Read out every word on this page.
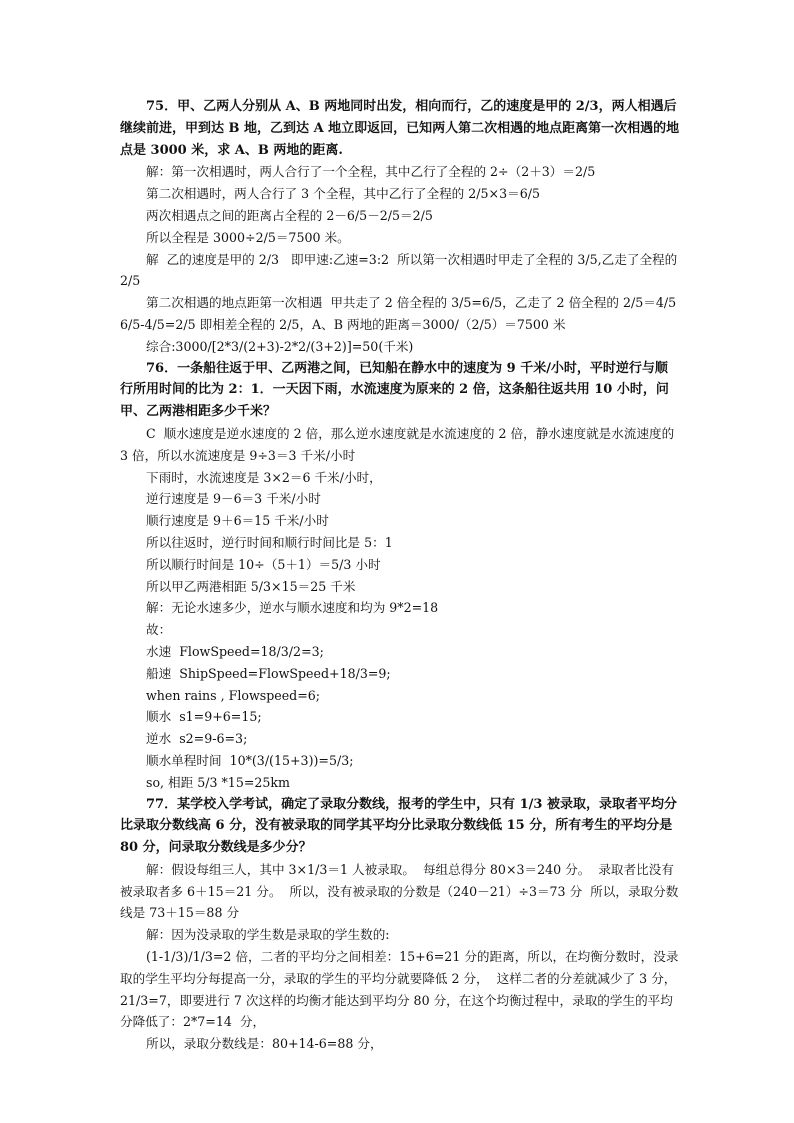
75．甲、乙两人分别从 A、B 两地同时出发，相向而行，乙的速度是甲的 2/3，两人相遇后继续前进，甲到达 B 地，乙到达 A 地立即返回，已知两人第二次相遇的地点距离第一次相遇的地点是 3000 米，求 A、B 两地的距离.

解：第一次相遇时，两人合行了一个全程，其中乙行了全程的 2÷（2＋3）＝2/5

第二次相遇时，两人合行了 3 个全程，其中乙行了全程的 2/5×3＝6/5

两次相遇点之间的距离占全程的 2－6/5－2/5＝2/5

所以全程是 3000÷2/5＝7500 米。

解  乙的速度是甲的 2/3   即甲速:乙速=3:2  所以第一次相遇时甲走了全程的 3/5,乙走了全程的 2/5

第二次相遇的地点距第一次相遇  甲共走了 2 倍全程的 3/5=6/5，乙走了 2 倍全程的 2/5＝4/5 6/5-4/5=2/5 即相差全程的 2/5，A、B 两地的距离＝3000/（2/5）＝7500 米

综合:3000/[2*3/(2+3)-2*2/(3+2)]=50(千米)

76．一条船往返于甲、乙两港之间，已知船在静水中的速度为 9 千米/小时，平时逆行与顺行所用时间的比为 2：1．一天因下雨，水流速度为原来的 2 倍，这条船往返共用 10 小时，问甲、乙两港相距多少千米？

C  顺水速度是逆水速度的 2 倍，那么逆水速度就是水流速度的 2 倍，静水速度就是水流速度的 3 倍，所以水流速度是 9÷3＝3 千米/小时

下雨时，水流速度是 3×2＝6 千米/小时，

逆行速度是 9－6＝3 千米/小时

顺行速度是 9＋6＝15 千米/小时

所以往返时，逆行时间和顺行时间比是 5：1

所以顺行时间是 10÷（5＋1）＝5/3 小时

所以甲乙两港相距 5/3×15＝25 千米

解：无论水速多少，逆水与顺水速度和均为 9*2=18

故：

水速  FlowSpeed=18/3/2=3;

船速  ShipSpeed=FlowSpeed+18/3=9;

when rains , Flowspeed=6;

顺水  s1=9+6=15;

逆水  s2=9-6=3;

顺水单程时间  10*(3/(15+3))=5/3;

so, 相距 5/3 *15=25km

77．某学校入学考试，确定了录取分数线，报考的学生中，只有 1/3 被录取，录取者平均分比录取分数线高 6 分，没有被录取的同学其平均分比录取分数线低 15 分，所有考生的平均分是 80 分，问录取分数线是多少分？

解：假设每组三人，其中 3×1/3＝1 人被录取。  每组总得分 80×3＝240 分。  录取者比没有被录取者多 6＋15＝21 分。  所以，没有被录取的分数是（240－21）÷3＝73 分  所以，录取分数线是 73＋15＝88 分

解：因为没录取的学生数是录取的学生数的:

(1-1/3)/1/3=2 倍，二者的平均分之间相差：15+6=21 分的距离，所以，在均衡分数时，没录取的学生平均分每提高一分，录取的学生的平均分就要降低 2 分，  这样二者的分差就减少了 3 分，21/3=7，即要进行 7 次这样的均衡才能达到平均分 80 分，在这个均衡过程中，录取的学生的平均分降低了：2*7=14  分，

所以，录取分数线是：80+14-6=88 分，
